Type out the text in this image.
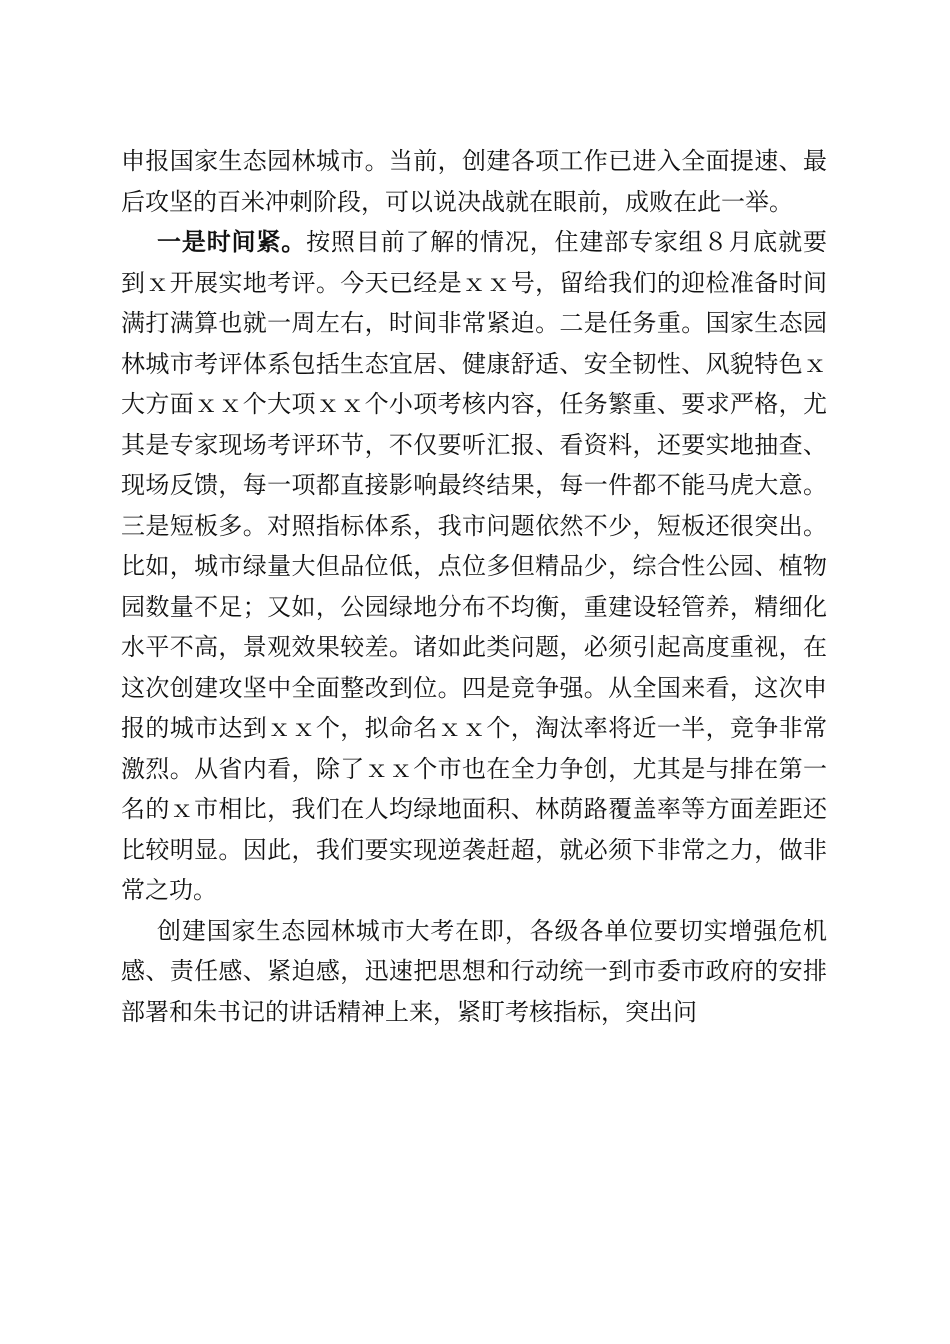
申报国家生态园林城市。当前，创建各项工作已进入全面提速、最后攻坚的百米冲刺阶段，可以说决战就在眼前，成败在此一举。

一是时间紧。按照目前了解的情况，住建部专家组８月底就要到ｘ开展实地考评。今天已经是ｘｘ号，留给我们的迎检准备时间满打满算也就一周左右，时间非常紧迫。二是任务重。国家生态园林城市考评体系包括生态宜居、健康舒适、安全韧性、风貌特色ｘ大方面ｘｘ个大项ｘｘ个小项考核内容，任务繁重、要求严格，尤其是专家现场考评环节，不仅要听汇报、看资料，还要实地抽查、现场反馈，每一项都直接影响最终结果，每一件都不能马虎大意。三是短板多。对照指标体系，我市问题依然不少，短板还很突出。比如，城市绿量大但品位低，点位多但精品少，综合性公园、植物园数量不足；又如，公园绿地分布不均衡，重建设轻管养，精细化水平不高，景观效果较差。诸如此类问题，必须引起高度重视，在这次创建攻坚中全面整改到位。四是竞争强。从全国来看，这次申报的城市达到ｘｘ个，拟命名ｘｘ个，淘汰率将近一半，竞争非常激烈。从省内看，除了ｘｘ个市也在全力争创，尤其是与排在第一名的ｘ市相比，我们在人均绿地面积、林荫路覆盖率等方面差距还比较明显。因此，我们要实现逆袭赶超，就必须下非常之力，做非常之功。

创建国家生态园林城市大考在即，各级各单位要切实增强危机感、责任感、紧迫感，迅速把思想和行动统一到市委市政府的安排部署和朱书记的讲话精神上来，紧盯考核指标，突出问
